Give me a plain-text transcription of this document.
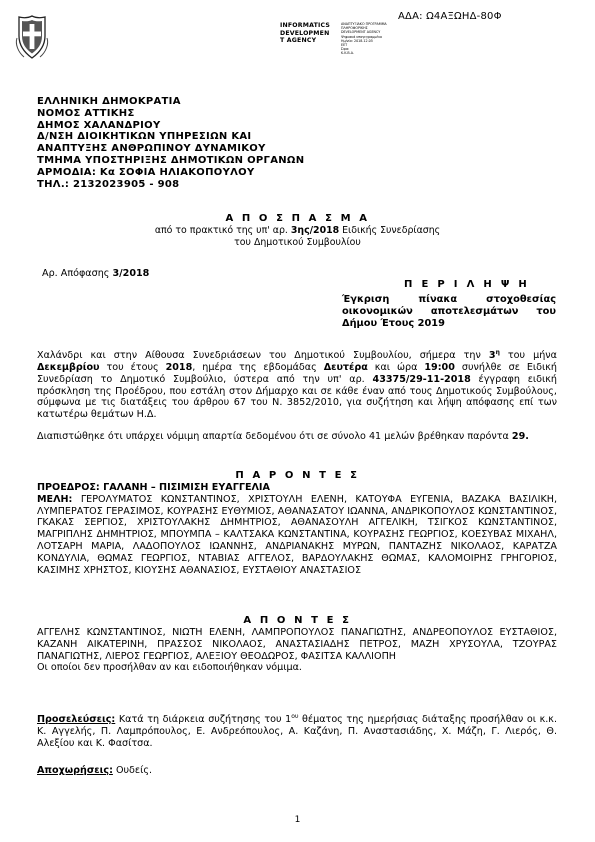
ΑΔΑ: Ω4ΑΞΩΗΔ-80Φ
INFORMATICS
DEVELOPMEN
T AGENCY
ΑΝΑΠΤΥΞΙΑΚΟ ΠΡΟΓΡΑΜΜΑ
ΠΛΗΡΟΦΟΡΙΚΗΣ
DEVELOPMENT AGENCY
Ψηφιακά υπογεγραμμένο
Ημ/νία: 2018.12.05
ΕΕΤ
Ώρα:
Κ.Κ.Β.Α.
ΕΛΛΗΝΙΚΗ ΔΗΜΟΚΡΑΤΙΑ
ΝΟΜΟΣ ΑΤΤΙΚΗΣ
ΔΗΜΟΣ ΧΑΛΑΝΔΡΙΟΥ
Δ/ΝΣΗ ΔΙΟΙΚΗΤΙΚΩΝ ΥΠΗΡΕΣΙΩΝ ΚΑΙ
ΑΝΑΠΤΥΞΗΣ ΑΝΘΡΩΠΙΝΟΥ ΔΥΝΑΜΙΚΟΥ
ΤΜΗΜΑ ΥΠΟΣΤΗΡΙΞΗΣ ΔΗΜΟΤΙΚΩΝ ΟΡΓΑΝΩΝ
ΑΡΜΟΔΙΑ: Κα ΣΟΦΙΑ ΗΛΙΑΚΟΠΟΥΛΟΥ
ΤΗΛ.: 2132023905 - 908
Α Π Ο Σ Π Α Σ Μ Α
από το πρακτικό της υπ' αρ. 3ης/2018 Ειδικής Συνεδρίασης
του Δημοτικού Συμβουλίου
Αρ. Απόφασης 3/2018
Π Ε Ρ Ι Λ Η Ψ Η
Έγκριση πίνακα στοχοθεσίας οικονομικών αποτελεσμάτων του Δήμου Έτους 2019
Χαλάνδρι και στην Αίθουσα Συνεδριάσεων του Δημοτικού Συμβουλίου, σήμερα την $3^\eta$ του μήνα Δεκεμβρίου του έτους 2018, ημέρα της εβδομάδας Δευτέρα και ώρα 19:00 συνήλθε σε Ειδική Συνεδρίαση το Δημοτικό Συμβούλιο, ύστερα από την υπ' αρ. 43375/29-11-2018 έγγραφη ειδική πρόσκληση της Προέδρου, που εστάλη στον Δήμαρχο και σε κάθε έναν από τους Δημοτικούς Συμβούλους, σύμφωνα με τις διατάξεις του άρθρου 67 του Ν. 3852/2010, για συζήτηση και λήψη απόφασης επί των κατωτέρω θεμάτων Η.Δ.
Διαπιστώθηκε ότι υπάρχει νόμιμη απαρτία δεδομένου ότι σε σύνολο 41 μελών βρέθηκαν παρόντα 29.
Π Α Ρ Ο Ν Τ Ε Σ
ΠΡΟΕΔΡΟΣ: ΓΑΛΑΝΗ – ΠΙΣΙΜΙΣΗ ΕΥΑΓΓΕΛΙΑ
ΜΕΛΗ: ΓΕΡΟΛΥΜΑΤΟΣ ΚΩΝΣΤΑΝΤΙΝΟΣ, ΧΡΙΣΤΟΥΛΗ ΕΛΕΝΗ, ΚΑΤΟΥΦΑ ΕΥΓΕΝΙΑ, ΒΑΖΑΚΑ ΒΑΣΙΛΙΚΗ, ΛΥΜΠΕΡΑΤΟΣ ΓΕΡΑΣΙΜΟΣ, ΚΟΥΡΑΣΗΣ ΕΥΘΥΜΙΟΣ, ΑΘΑΝΑΣΑΤΟΥ ΙΩΑΝΝΑ, ΑΝΔΡΙΚΟΠΟΥΛΟΣ ΚΩΝΣΤΑΝΤΙΝΟΣ, ΓΚΑΚΑΣ ΣΕΡΓΙΟΣ, ΧΡΙΣΤΟΥΛΑΚΗΣ ΔΗΜΗΤΡΙΟΣ, ΑΘΑΝΑΣΟΥΛΗ ΑΓΓΕΛΙΚΗ, ΤΣΙΓΚΟΣ ΚΩΝΣΤΑΝΤΙΝΟΣ, ΜΑΓΡΙΠΛΗΣ ΔΗΜΗΤΡΙΟΣ, ΜΠΟΥΜΠΑ – ΚΑΛΤΣΑΚΑ ΚΩΝΣΤΑΝΤΙΝΑ, ΚΟΥΡΑΣΗΣ ΓΕΩΡΓΙΟΣ, ΚΟΕΣΥΒΑΣ ΜΙΧΑΗΛ, ΛΟΤΣΑΡΗ ΜΑΡΙΑ, ΛΑΔΟΠΟΥΛΟΣ ΙΩΑΝΝΗΣ, ΑΝΔΡΙΑΝΑΚΗΣ ΜΥΡΩΝ, ΠΑΝΤΑΖΗΣ ΝΙΚΟΛΑΟΣ, ΚΑΡΑΤΖΑ ΚΟΝΔΥΛΙΑ, ΘΩΜΑΣ ΓΕΩΡΓΙΟΣ, ΝΤΑΒΙΑΣ ΑΓΓΕΛΟΣ, ΒΑΡΔΟΥΛΑΚΗΣ ΘΩΜΑΣ, ΚΑΛΟΜΟΙΡΗΣ ΓΡΗΓΟΡΙΟΣ, ΚΑΣΙΜΗΣ ΧΡΗΣΤΟΣ, ΚΙΟΥΣΗΣ ΑΘΑΝΑΣΙΟΣ, ΕΥΣΤΑΘΙΟΥ ΑΝΑΣΤΑΣΙΟΣ
Α Π Ο Ν Τ Ε Σ
ΑΓΓΕΛΗΣ ΚΩΝΣΤΑΝΤΙΝΟΣ, ΝΙΩΤΗ ΕΛΕΝΗ, ΛΑΜΠΡΟΠΟΥΛΟΣ ΠΑΝΑΓΙΩΤΗΣ, ΑΝΔΡΕΟΠΟΥΛΟΣ ΕΥΣΤΑΘΙΟΣ, ΚΑΖΑΝΗ ΑΙΚΑΤΕΡΙΝΗ, ΠΡΑΣΣΟΣ ΝΙΚΟΛΑΟΣ, ΑΝΑΣΤΑΣΙΑΔΗΣ ΠΕΤΡΟΣ, ΜΑΖΗ ΧΡΥΣΟΥΛΑ, ΤΖΟΥΡΑΣ ΠΑΝΑΓΙΩΤΗΣ, ΛΙΕΡΟΣ ΓΕΩΡΓΙΟΣ, ΑΛΕΞΙΟΥ ΘΕΟΔΩΡΟΣ, ΦΑΣΙΤΣΑ ΚΑΛΛΙΟΠΗ
Οι οποίοι δεν προσήλθαν αν και ειδοποιήθηκαν νόμιμα.
Προσελεύσεις: Κατά τη διάρκεια συζήτησης του $1^{o\upsilon}$ θέματος της ημερήσιας διάταξης προσήλθαν οι κ.κ. Κ. Αγγελής, Π. Λαμπρόπουλος, Ε. Ανδρεόπουλος, Α. Καζάνη, Π. Αναστασιάδης, Χ. Μάζη, Γ. Λιερός, Θ. Αλεξίου και Κ. Φασίτσα.
Αποχωρήσεις: Ουδείς.
1
